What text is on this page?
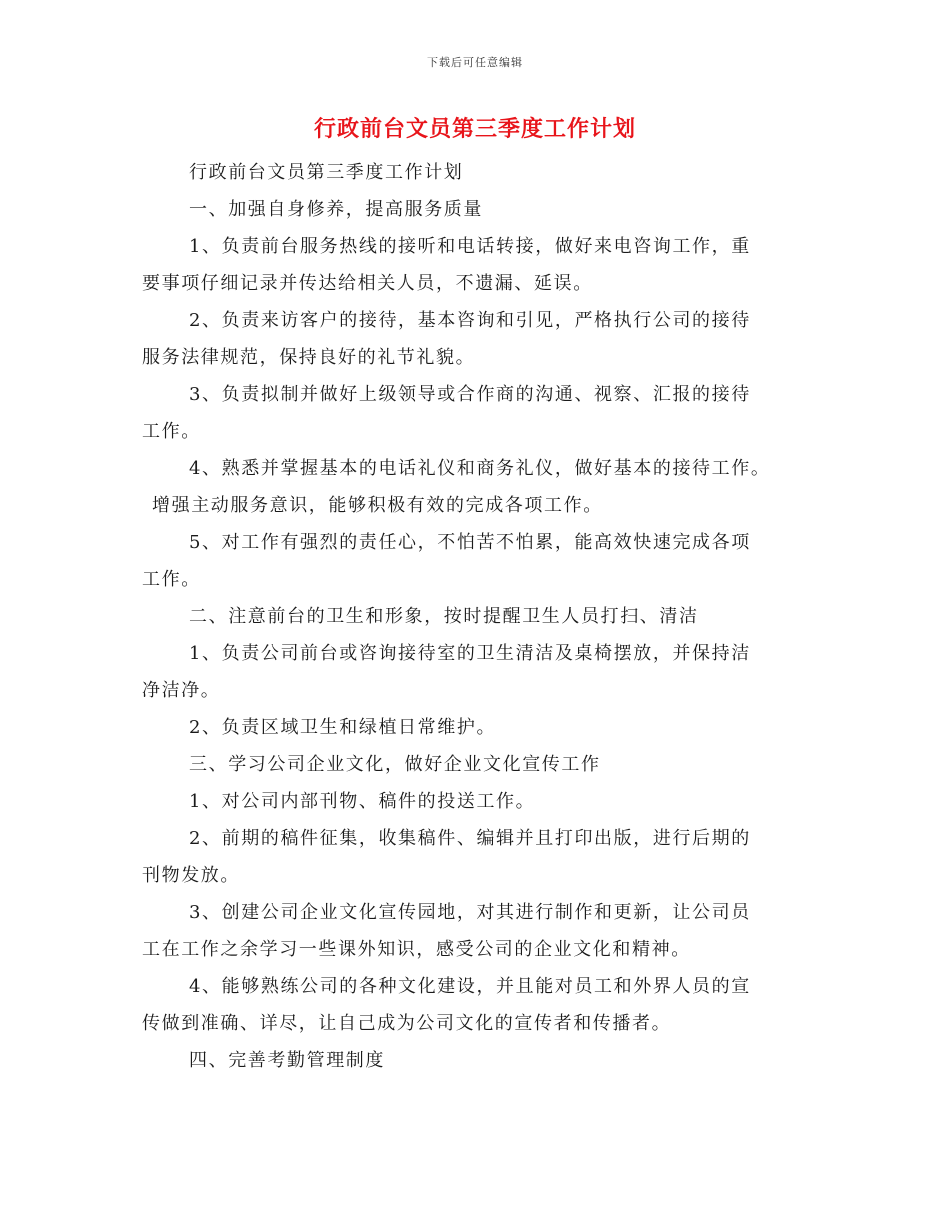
下载后可任意编辑
行政前台文员第三季度工作计划

行政前台文员第三季度工作计划

一、加强自身修养，提高服务质量

1、负责前台服务热线的接听和电话转接，做好来电咨询工作，重
要事项仔细记录并传达给相关人员，不遗漏、延误。

2、负责来访客户的接待，基本咨询和引见，严格执行公司的接待
服务法律规范，保持良好的礼节礼貌。

3、负责拟制并做好上级领导或合作商的沟通、视察、汇报的接待
工作。

4、熟悉并掌握基本的电话礼仪和商务礼仪，做好基本的接待工作。
增强主动服务意识，能够积极有效的完成各项工作。

5、对工作有强烈的责任心，不怕苦不怕累，能高效快速完成各项
工作。

二、注意前台的卫生和形象，按时提醒卫生人员打扫、清洁

1、负责公司前台或咨询接待室的卫生清洁及桌椅摆放，并保持洁
净洁净。

2、负责区域卫生和绿植日常维护。

三、学习公司企业文化，做好企业文化宣传工作

1、对公司内部刊物、稿件的投送工作。

2、前期的稿件征集，收集稿件、编辑并且打印出版，进行后期的
刊物发放。

3、创建公司企业文化宣传园地，对其进行制作和更新，让公司员
工在工作之余学习一些课外知识，感受公司的企业文化和精神。

4、能够熟练公司的各种文化建设，并且能对员工和外界人员的宣
传做到准确、详尽，让自己成为公司文化的宣传者和传播者。

四、完善考勤管理制度
